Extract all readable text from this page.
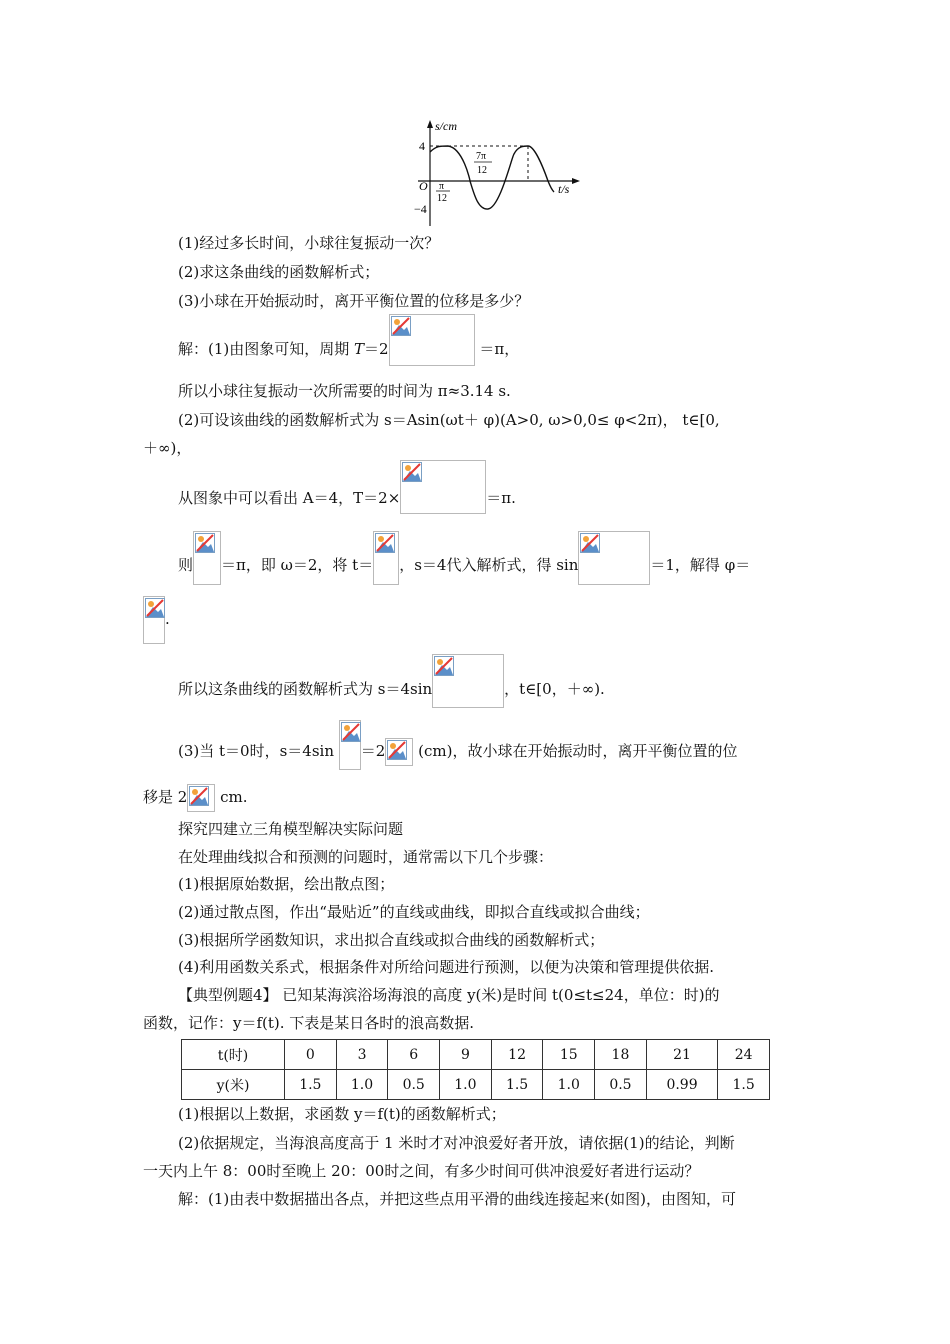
s/cm
4
−4
O	t/s
π
12
7π
12
(1)经过多长时间，小球往复振动一次？
(2)求这条曲线的函数解析式；
(3)小球在开始振动时，离开平衡位置的位移是多少？
解：(1)由图象可知，周期 T＝2	＝π，
所以小球往复振动一次所需要的时间为 π≈3.14 s.
(2)可设该曲线的函数解析式为 s＝Asin(ωt＋ φ)(A>0, ω>0,0≤ φ<2π)， t∈[0,
＋∞)，
从图象中可以看出 A＝4，T＝2×	＝π.
则 ＝π，即 ω＝2，将 t＝ ，s＝4代入解析式，得 sin	＝1，解得 φ＝
.
所以这条曲线的函数解析式为 s＝4sin	，t∈[0，＋∞).
(3)当 t＝0时，s＝4sin ＝2 (cm)，故小球在开始振动时，离开平衡位置的位
移是 2 cm.
探究四建立三角模型解决实际问题
在处理曲线拟合和预测的问题时，通常需以下几个步骤：
(1)根据原始数据，绘出散点图；
(2)通过散点图，作出“最贴近”的直线或曲线，即拟合直线或拟合曲线；
(3)根据所学函数知识，求出拟合直线或拟合曲线的函数解析式；
(4)利用函数关系式，根据条件对所给问题进行预测，以便为决策和管理提供依据.
【典型例题4】 已知某海滨浴场海浪的高度 y(米)是时间 t(0≤t≤24，单位：时)的
函数，记作：y＝f(t). 下表是某日各时的浪高数据.
t(时)	0	3	6	9	12	15	18	21	24
y(米)	1.5	1.0	0.5	1.0	1.5	1.0	0.5	0.99	1.5
(1)根据以上数据，求函数 y＝f(t)的函数解析式；
(2)依据规定，当海浪高度高于 1 米时才对冲浪爱好者开放，请依据(1)的结论，判断
一天内上午 8：00时至晚上 20：00时之间，有多少时间可供冲浪爱好者进行运动？
解：(1)由表中数据描出各点，并把这些点用平滑的曲线连接起来(如图)，由图知，可
